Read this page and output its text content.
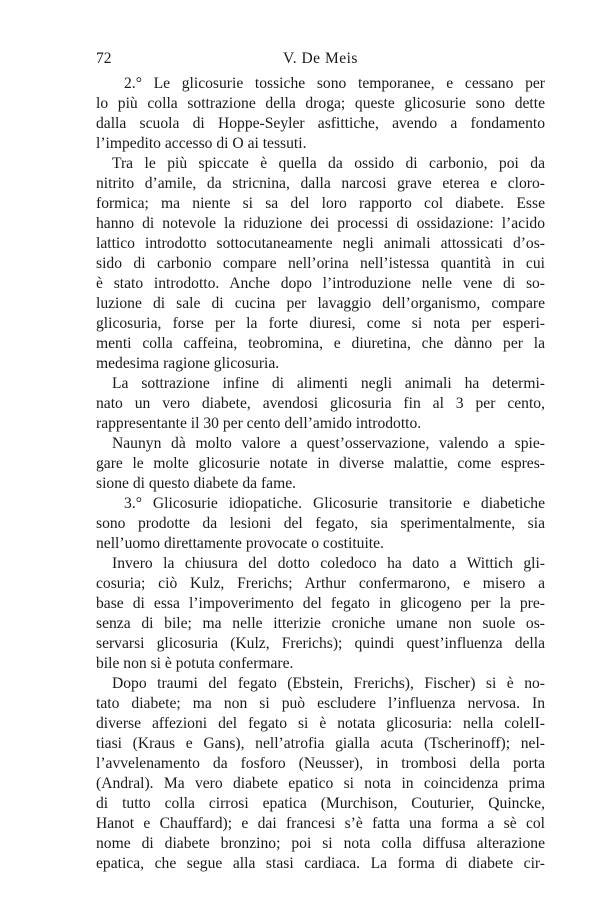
72	V. De Meis
2.° Le glicosurie tossiche sono temporanee, e cessano per
lo più colla sottrazione della droga; queste glicosurie sono dette
dalla scuola di Hoppe-Seyler asfittiche, avendo a fondamento
l’impedito accesso di O ai tessuti.
Tra le più spiccate è quella da ossido di carbonio, poi da
nitrito d’amile, da stricnina, dalla narcosi grave eterea e cloro-
formica; ma niente si sa del loro rapporto col diabete. Esse
hanno di notevole la riduzione dei processi di ossidazione: l’acido
lattico introdotto sottocutaneamente negli animali attossicati d’os-
sido di carbonio compare nell’orina nell’istessa quantità in cui
è stato introdotto. Anche dopo l’introduzione nelle vene di so-
luzione di sale di cucina per lavaggio dell’organismo, compare
glicosuria, forse per la forte diuresi, come si nota per esperi-
menti colla caffeina, teobromina, e diuretina, che dànno per la
medesima ragione glicosuria.
La sottrazione infine di alimenti negli animali ha determi-
nato un vero diabete, avendosi glicosuria fin al 3 per cento,
rappresentante il 30 per cento dell’amido introdotto.
Naunyn dà molto valore a quest’osservazione, valendo a spie-
gare le molte glicosurie notate in diverse malattie, come espres-
sione di questo diabete da fame.
3.° Glicosurie idiopatiche. Glicosurie transitorie e diabetiche
sono prodotte da lesioni del fegato, sia sperimentalmente, sia
nell’uomo direttamente provocate o costituite.
Invero la chiusura del dotto coledoco ha dato a Wittich gli-
cosuria; ciò Kulz, Frerichs; Arthur confermarono, e misero a
base di essa l’impoverimento del fegato in glicogeno per la pre-
senza di bile; ma nelle itterizie croniche umane non suole os-
servarsi glicosuria (Kulz, Frerichs); quindi quest’influenza della
bile non si è potuta confermare.
Dopo traumi del fegato (Ebstein, Frerichs), Fischer) si è no-
tato diabete; ma non si può escludere l’influenza nervosa. In
diverse affezioni del fegato si è notata glicosuria: nella colelI-
tiasi (Kraus e Gans), nell’atrofia gialla acuta (Tscherinoff); nel-
l’avvelenamento da fosforo (Neusser), in trombosi della porta
(Andral). Ma vero diabete epatico si nota in coincidenza prima
di tutto colla cirrosi epatica (Murchison, Couturier, Quincke,
Hanot e Chauffard); e dai francesi s’è fatta una forma a sè col
nome di diabete bronzino; poi si nota colla diffusa alterazione
epatica, che segue alla stasi cardiaca. La forma di diabete cir-
